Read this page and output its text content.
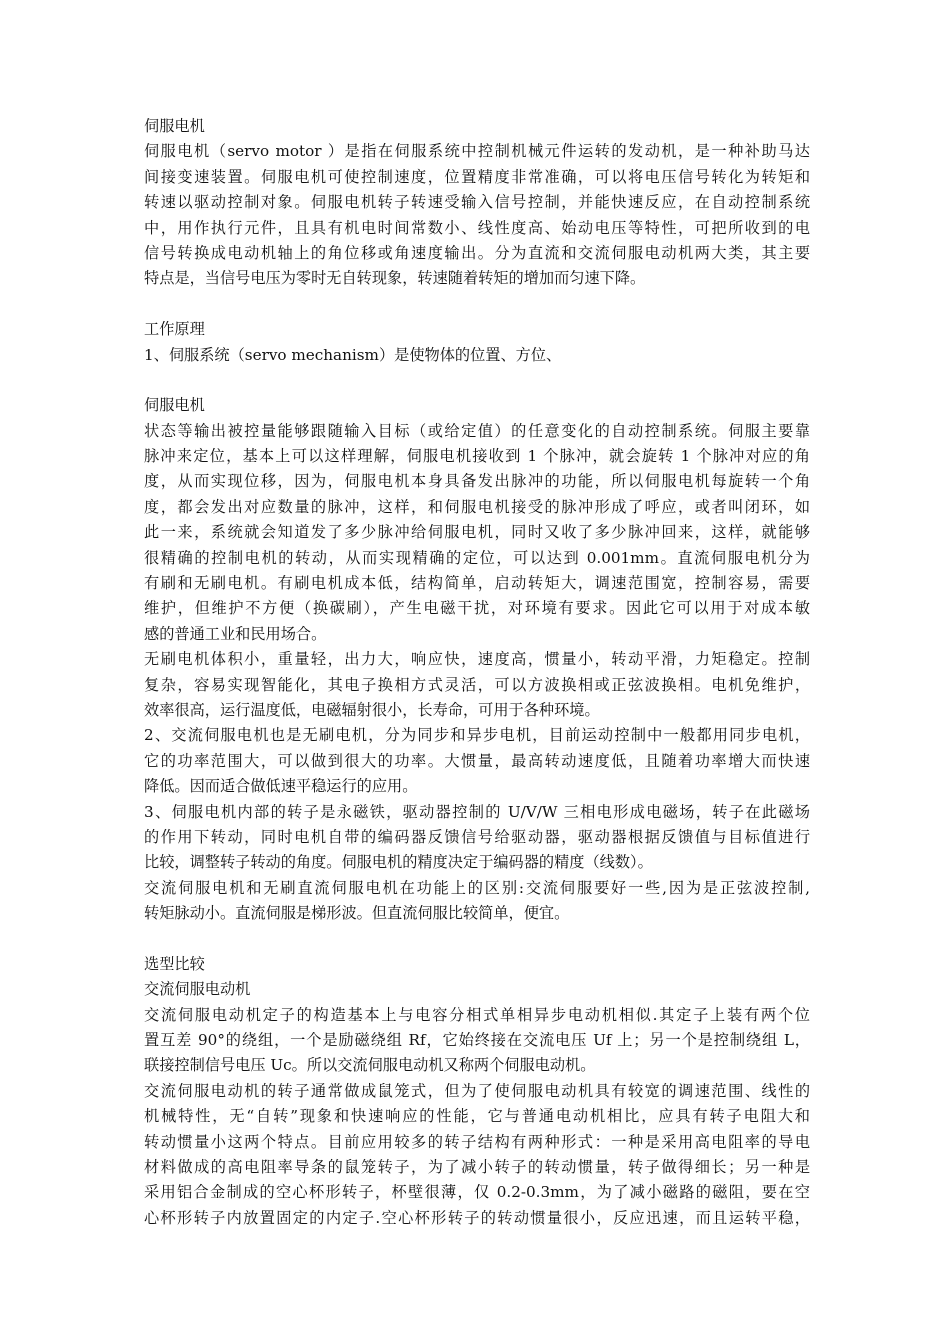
伺服电机
伺服电机（servo motor ）是指在伺服系统中控制机械元件运转的发动机，是一种补助马达
间接变速装置。伺服电机可使控制速度，位置精度非常准确，可以将电压信号转化为转矩和
转速以驱动控制对象。伺服电机转子转速受输入信号控制，并能快速反应，在自动控制系统
中，用作执行元件，且具有机电时间常数小、线性度高、始动电压等特性，可把所收到的电
信号转换成电动机轴上的角位移或角速度输出。分为直流和交流伺服电动机两大类，其主要
特点是，当信号电压为零时无自转现象，转速随着转矩的增加而匀速下降。
工作原理
1、伺服系统（servo mechanism）是使物体的位置、方位、
伺服电机
状态等输出被控量能够跟随输入目标（或给定值）的任意变化的自动控制系统。伺服主要靠
脉冲来定位，基本上可以这样理解，伺服电机接收到 1 个脉冲，就会旋转 1 个脉冲对应的角
度，从而实现位移，因为，伺服电机本身具备发出脉冲的功能，所以伺服电机每旋转一个角
度，都会发出对应数量的脉冲，这样，和伺服电机接受的脉冲形成了呼应，或者叫闭环，如
此一来，系统就会知道发了多少脉冲给伺服电机，同时又收了多少脉冲回来，这样，就能够
很精确的控制电机的转动，从而实现精确的定位，可以达到 0.001mm。直流伺服电机分为
有刷和无刷电机。有刷电机成本低，结构简单，启动转矩大，调速范围宽，控制容易，需要
维护，但维护不方便（换碳刷），产生电磁干扰，对环境有要求。因此它可以用于对成本敏
感的普通工业和民用场合。
无刷电机体积小，重量轻，出力大，响应快，速度高，惯量小，转动平滑，力矩稳定。控制
复杂，容易实现智能化，其电子换相方式灵活，可以方波换相或正弦波换相。电机免维护，
效率很高，运行温度低，电磁辐射很小，长寿命，可用于各种环境。
2、交流伺服电机也是无刷电机，分为同步和异步电机，目前运动控制中一般都用同步电机，
它的功率范围大，可以做到很大的功率。大惯量，最高转动速度低，且随着功率增大而快速
降低。因而适合做低速平稳运行的应用。
3、伺服电机内部的转子是永磁铁，驱动器控制的 U/V/W 三相电形成电磁场，转子在此磁场
的作用下转动，同时电机自带的编码器反馈信号给驱动器，驱动器根据反馈值与目标值进行
比较，调整转子转动的角度。伺服电机的精度决定于编码器的精度（线数）。
交流伺服电机和无刷直流伺服电机在功能上的区别:交流伺服要好一些,因为是正弦波控制,
转矩脉动小。直流伺服是梯形波。但直流伺服比较简单，便宜。
选型比较
交流伺服电动机
交流伺服电动机定子的构造基本上与电容分相式单相异步电动机相似.其定子上装有两个位
置互差 90°的绕组，一个是励磁绕组 Rf，它始终接在交流电压 Uf 上；另一个是控制绕组 L，
联接控制信号电压 Uc。所以交流伺服电动机又称两个伺服电动机。
交流伺服电动机的转子通常做成鼠笼式，但为了使伺服电动机具有较宽的调速范围、线性的
机械特性，无“自转”现象和快速响应的性能，它与普通电动机相比，应具有转子电阻大和
转动惯量小这两个特点。目前应用较多的转子结构有两种形式：一种是采用高电阻率的导电
材料做成的高电阻率导条的鼠笼转子，为了减小转子的转动惯量，转子做得细长；另一种是
采用铝合金制成的空心杯形转子，杯壁很薄，仅 0.2-0.3mm，为了减小磁路的磁阻，要在空
心杯形转子内放置固定的内定子.空心杯形转子的转动惯量很小，反应迅速，而且运转平稳，
